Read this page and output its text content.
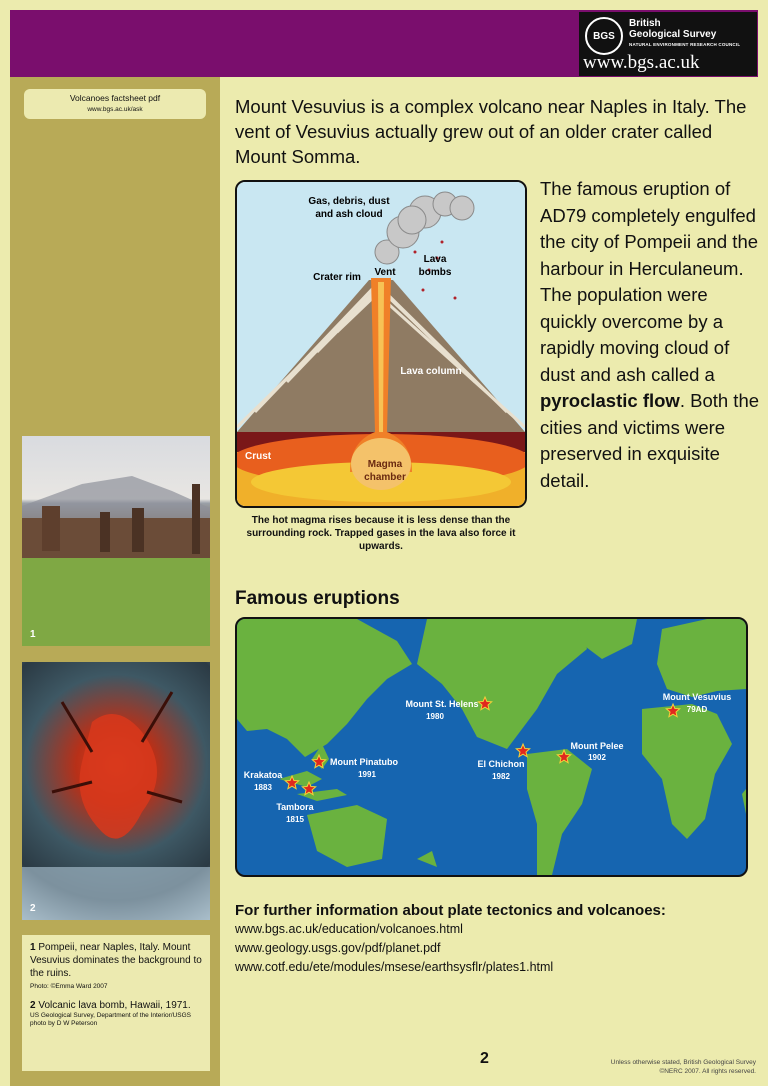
BGS
British
Geological Survey
NATURAL ENVIRONMENT RESEARCH COUNCIL
www.bgs.ac.uk
Volcanoes factsheet pdf
www.bgs.ac.uk/ask
1
2
1 Pompeii, near Naples, Italy. Mount Vesuvius dominates the background to the ruins.
Photo: ©Emma Ward 2007
2 Volcanic lava bomb, Hawaii, 1971.
US Geological Survey, Department of the Interior/USGS photo by D W Peterson
Mount Vesuvius is a complex volcano near Naples in Italy. The vent of Vesuvius actually grew out of an older crater called Mount Somma.
Gas, debris, dust
and ash cloud
Lava
bombs
Crater rim Vent
Lava column
Crust
Magma
chamber
The hot magma rises because it is less dense than the surrounding rock. Trapped gases in the lava also force it upwards.
The famous eruption of AD79 completely engulfed the city of Pompeii and the harbour in Herculaneum. The population were quickly overcome by a rapidly moving cloud of dust and ash called a pyroclastic flow. Both the cities and victims were preserved in exquisite detail.
Famous eruptions
Mount St. Helens
1980
Mount Vesuvius
79AD
Mount Pelee
1902
El Chichon
1982
Mount Pinatubo
1991
Krakatoa
1883
Tambora
1815
For further information about plate tectonics and volcanoes:
www.bgs.ac.uk/education/volcanoes.html
www.geology.usgs.gov/pdf/planet.pdf
www.cotf.edu/ete/modules/msese/earthsysflr/plates1.html
2	Unless otherwise stated, British Geological Survey
©NERC 2007. All rights reserved.
